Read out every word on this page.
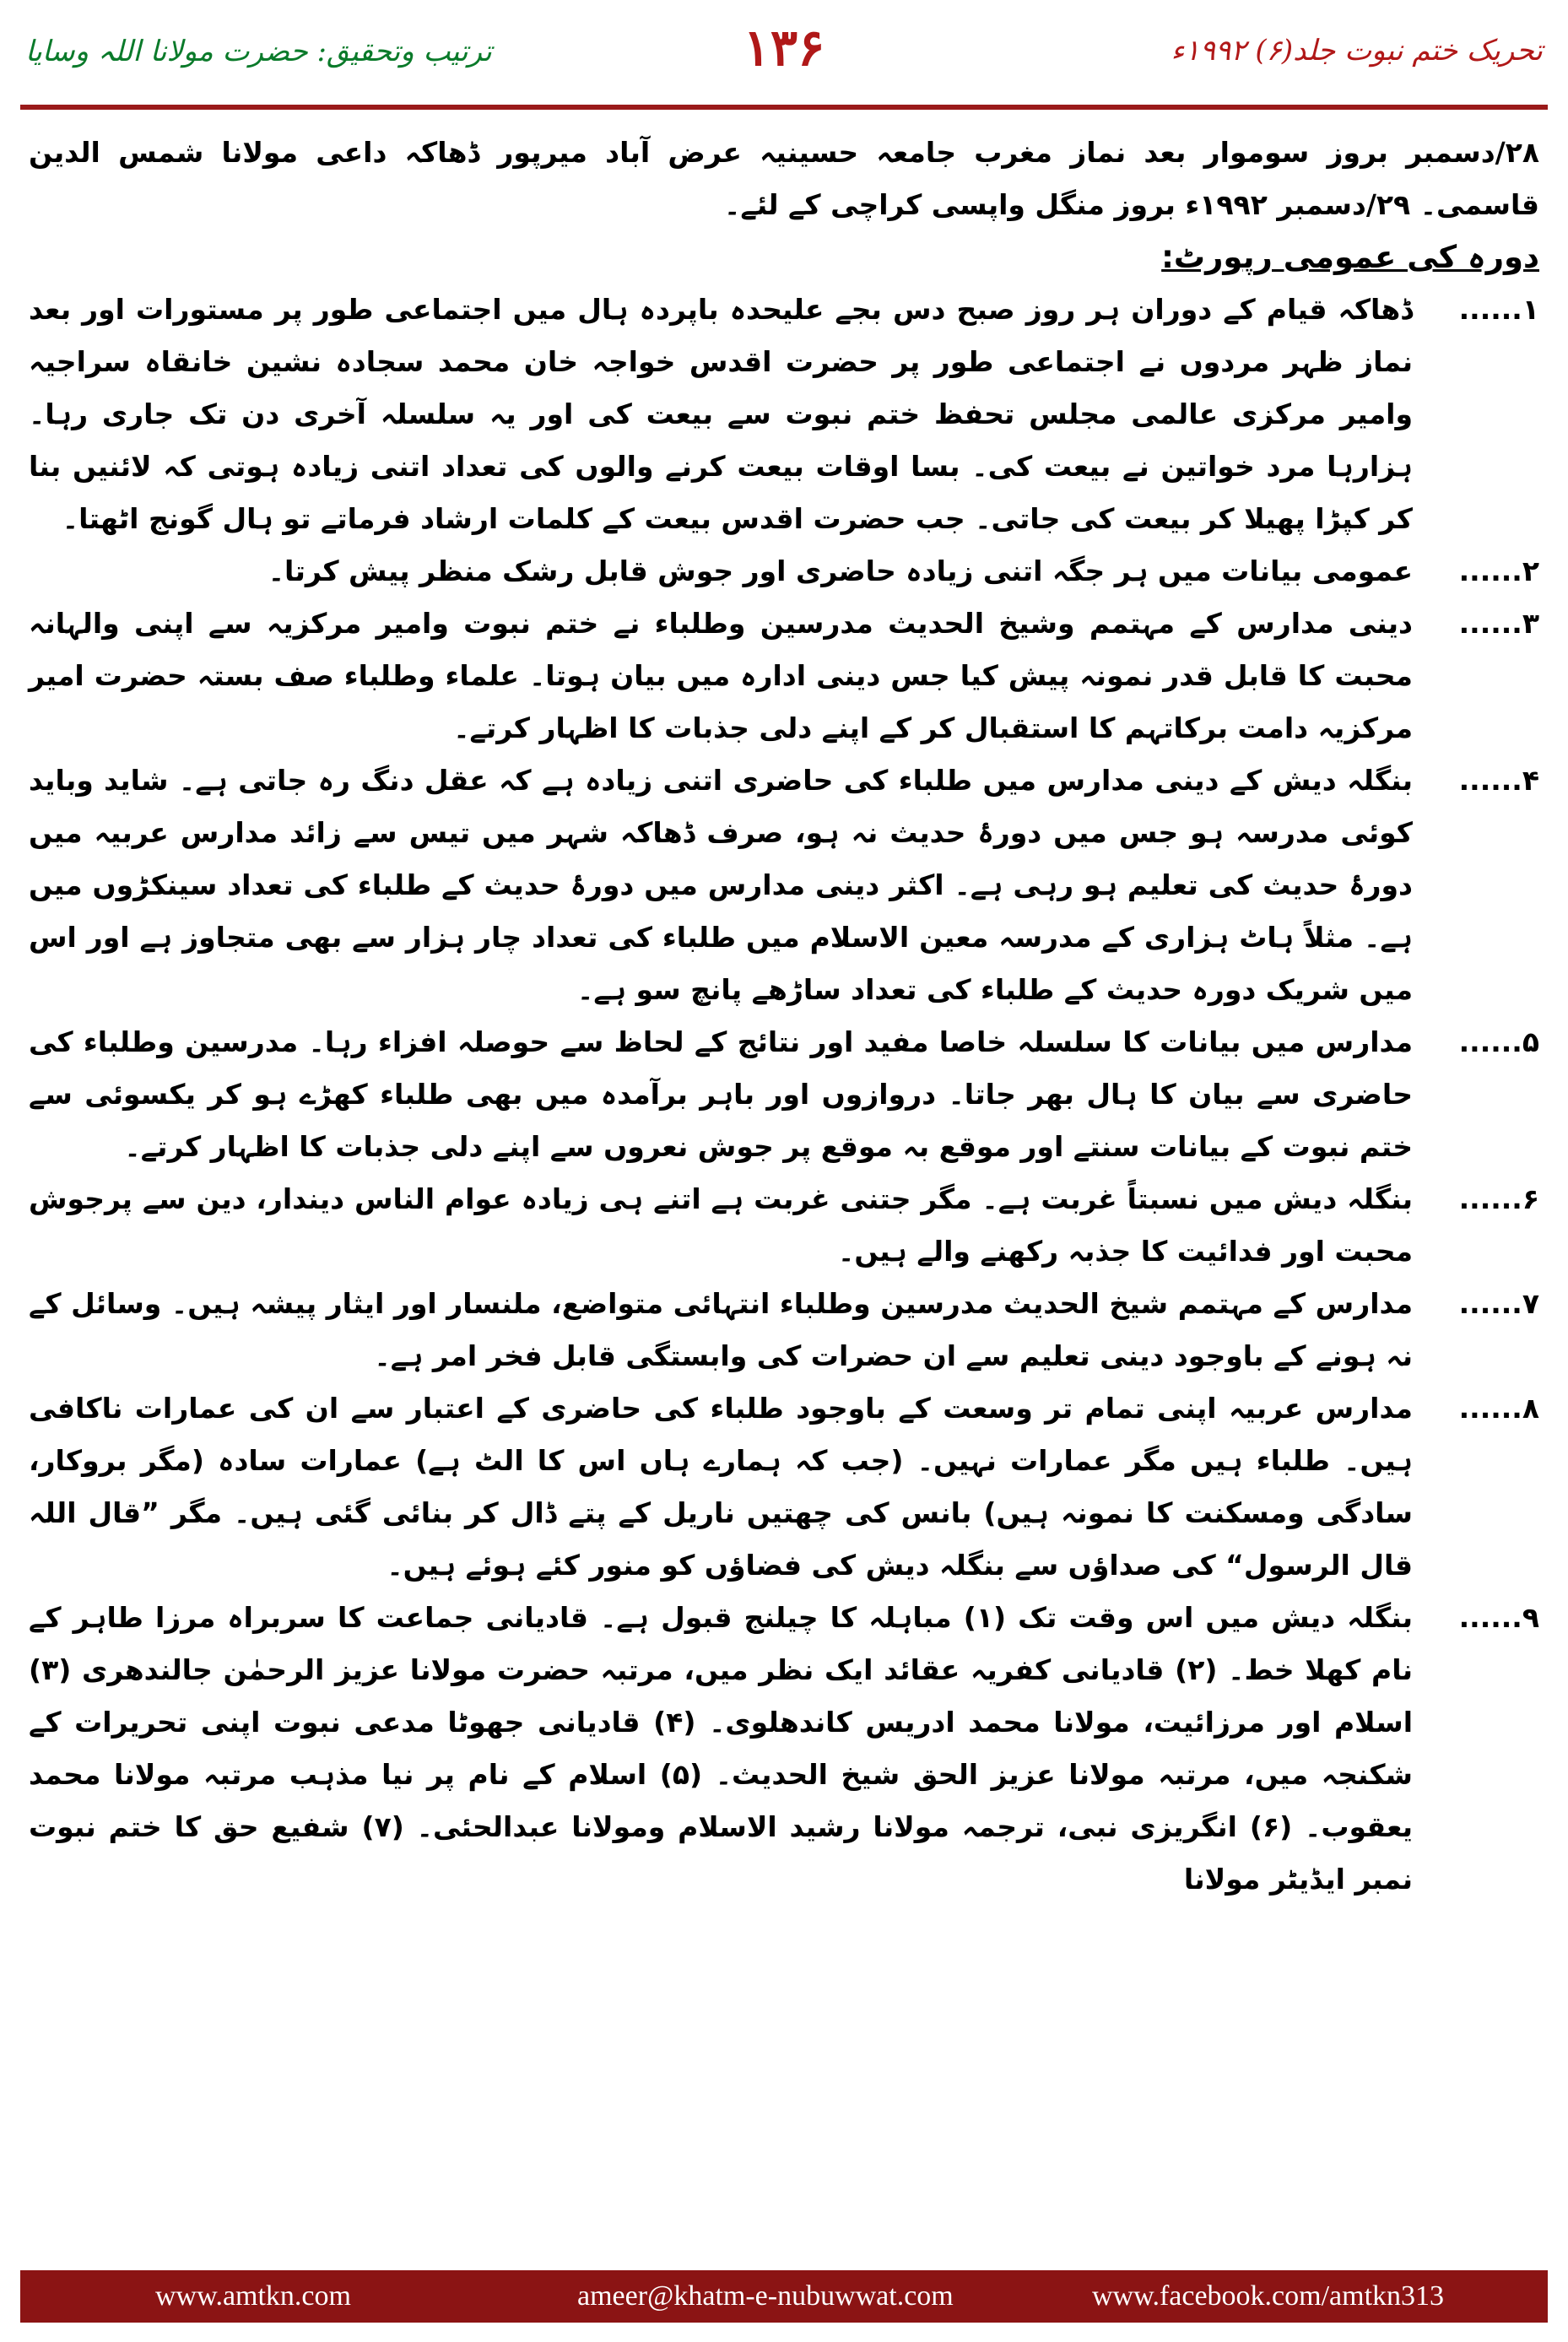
ترتیب وتحقیق: حضرت مولانا اللہ وسایا	۱۳۶	تحریک ختم نبوت جلد(۶) ۱۹۹۲ء

۲۸/دسمبر بروز سوموار بعد نماز مغرب جامعہ حسینیہ عرض آباد میرپور ڈھاکہ داعی مولانا شمس الدین قاسمی۔ ۲۹/دسمبر ۱۹۹۲ء بروز منگل واپسی کراچی کے لئے۔

دورہ کی عمومی رپورٹ:

۱......
ڈھاکہ قیام کے دوران ہر روز صبح دس بجے علیحدہ باپردہ ہال میں اجتماعی طور پر مستورات اور بعد نماز ظہر مردوں نے اجتماعی طور پر حضرت اقدس خواجہ خان محمد سجادہ نشین خانقاہ سراجیہ وامیر مرکزی عالمی مجلس تحفظ ختم نبوت سے بیعت کی اور یہ سلسلہ آخری دن تک جاری رہا۔ ہزارہا مرد خواتین نے بیعت کی۔ بسا اوقات بیعت کرنے والوں کی تعداد اتنی زیادہ ہوتی کہ لائنیں بنا کر کپڑا پھیلا کر بیعت کی جاتی۔ جب حضرت اقدس بیعت کے کلمات ارشاد فرماتے تو ہال گونج اٹھتا۔
۲......
عمومی بیانات میں ہر جگہ اتنی زیادہ حاضری اور جوش قابل رشک منظر پیش کرتا۔
۳......
دینی مدارس کے مہتمم وشیخ الحدیث مدرسین وطلباء نے ختم نبوت وامیر مرکزیہ سے اپنی والہانہ محبت کا قابل قدر نمونہ پیش کیا جس دینی ادارہ میں بیان ہوتا۔ علماء وطلباء صف بستہ حضرت امیر مرکزیہ دامت برکاتہم کا استقبال کر کے اپنے دلی جذبات کا اظہار کرتے۔
۴......
بنگلہ دیش کے دینی مدارس میں طلباء کی حاضری اتنی زیادہ ہے کہ عقل دنگ رہ جاتی ہے۔ شاید وباید کوئی مدرسہ ہو جس میں دورۂ حدیث نہ ہو، صرف ڈھاکہ شہر میں تیس سے زائد مدارس عربیہ میں دورۂ حدیث کی تعلیم ہو رہی ہے۔ اکثر دینی مدارس میں دورۂ حدیث کے طلباء کی تعداد سینکڑوں میں ہے۔ مثلاً ہاٹ ہزاری کے مدرسہ معین الاسلام میں طلباء کی تعداد چار ہزار سے بھی متجاوز ہے اور اس میں شریک دورہ حدیث کے طلباء کی تعداد ساڑھے پانچ سو ہے۔
۵......
مدارس میں بیانات کا سلسلہ خاصا مفید اور نتائج کے لحاظ سے حوصلہ افزاء رہا۔ مدرسین وطلباء کی حاضری سے بیان کا ہال بھر جاتا۔ دروازوں اور باہر برآمدہ میں بھی طلباء کھڑے ہو کر یکسوئی سے ختم نبوت کے بیانات سنتے اور موقع بہ موقع پر جوش نعروں سے اپنے دلی جذبات کا اظہار کرتے۔
۶......
بنگلہ دیش میں نسبتاً غربت ہے۔ مگر جتنی غربت ہے اتنے ہی زیادہ عوام الناس دیندار، دین سے پرجوش محبت اور فدائیت کا جذبہ رکھنے والے ہیں۔
۷......
مدارس کے مہتمم شیخ الحدیث مدرسین وطلباء انتہائی متواضع، ملنسار اور ایثار پیشہ ہیں۔ وسائل کے نہ ہونے کے باوجود دینی تعلیم سے ان حضرات کی وابستگی قابل فخر امر ہے۔
۸......
مدارس عربیہ اپنی تمام تر وسعت کے باوجود طلباء کی حاضری کے اعتبار سے ان کی عمارات ناکافی ہیں۔ طلباء ہیں مگر عمارات نہیں۔ (جب کہ ہمارے ہاں اس کا الٹ ہے) عمارات سادہ (مگر بروکار، سادگی ومسکنت کا نمونہ ہیں) بانس کی چھتیں ناریل کے پتے ڈال کر بنائی گئی ہیں۔ مگر ”قال اللہ قال الرسول“ کی صداؤں سے بنگلہ دیش کی فضاؤں کو منور کئے ہوئے ہیں۔
۹......
بنگلہ دیش میں اس وقت تک (۱) مباہلہ کا چیلنج قبول ہے۔ قادیانی جماعت کا سربراہ مرزا طاہر کے نام کھلا خط۔ (۲) قادیانی کفریہ عقائد ایک نظر میں، مرتبہ حضرت مولانا عزیز الرحمٰن جالندھری (۳) اسلام اور مرزائیت، مولانا محمد ادریس کاندھلوی۔ (۴) قادیانی جھوٹا مدعی نبوت اپنی تحریرات کے شکنجہ میں، مرتبہ مولانا عزیز الحق شیخ الحدیث۔ (۵) اسلام کے نام پر نیا مذہب مرتبہ مولانا محمد یعقوب۔ (۶) انگریزی نبی، ترجمہ مولانا رشید الاسلام ومولانا عبدالحئی۔ (۷) شفیع حق کا ختم نبوت نمبر ایڈیٹر مولانا
www.amtkn.com	ameer@khatm-e-nubuwwat.com	www.facebook.com/amtkn313
